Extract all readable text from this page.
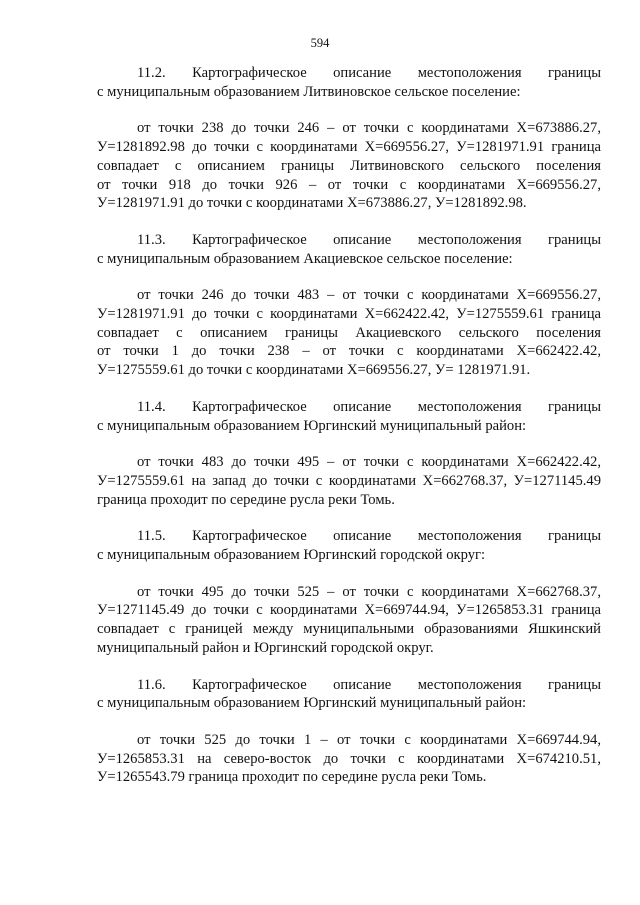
594

11.2. Картографическое описание местоположения границы
с муниципальным образованием Литвиновское сельское поселение:

от точки 238 до точки 246 – от точки с координатами Х=673886.27,
У=1281892.98 до точки с координатами Х=669556.27, У=1281971.91 граница
совпадает с описанием границы Литвиновского сельского поселения
от точки 918 до точки 926 – от точки с координатами Х=669556.27,
У=1281971.91 до точки с координатами Х=673886.27, У=1281892.98.

11.3. Картографическое описание местоположения границы
с муниципальным образованием Акациевское сельское поселение:

от точки 246 до точки 483 – от точки с координатами Х=669556.27,
У=1281971.91 до точки с координатами Х=662422.42, У=1275559.61 граница
совпадает с описанием границы Акациевского сельского поселения
от точки 1 до точки 238 – от точки с координатами Х=662422.42,
У=1275559.61 до точки с координатами Х=669556.27, У= 1281971.91.

11.4. Картографическое описание местоположения границы
с муниципальным образованием Юргинский муниципальный район:

от точки 483 до точки 495 – от точки с координатами Х=662422.42,
У=1275559.61 на запад до точки с координатами Х=662768.37, У=1271145.49
граница проходит по середине русла реки Томь.

11.5. Картографическое описание местоположения границы
с муниципальным образованием Юргинский городской округ:

от точки 495 до точки 525 – от точки с координатами Х=662768.37,
У=1271145.49 до точки с координатами Х=669744.94, У=1265853.31 граница
совпадает с границей между муниципальными образованиями Яшкинский
муниципальный район и Юргинский городской округ.

11.6. Картографическое описание местоположения границы
с муниципальным образованием Юргинский муниципальный район:

от точки 525 до точки 1 – от точки с координатами Х=669744.94,
У=1265853.31 на северо-восток до точки с координатами Х=674210.51,
У=1265543.79 граница проходит по середине русла реки Томь.
